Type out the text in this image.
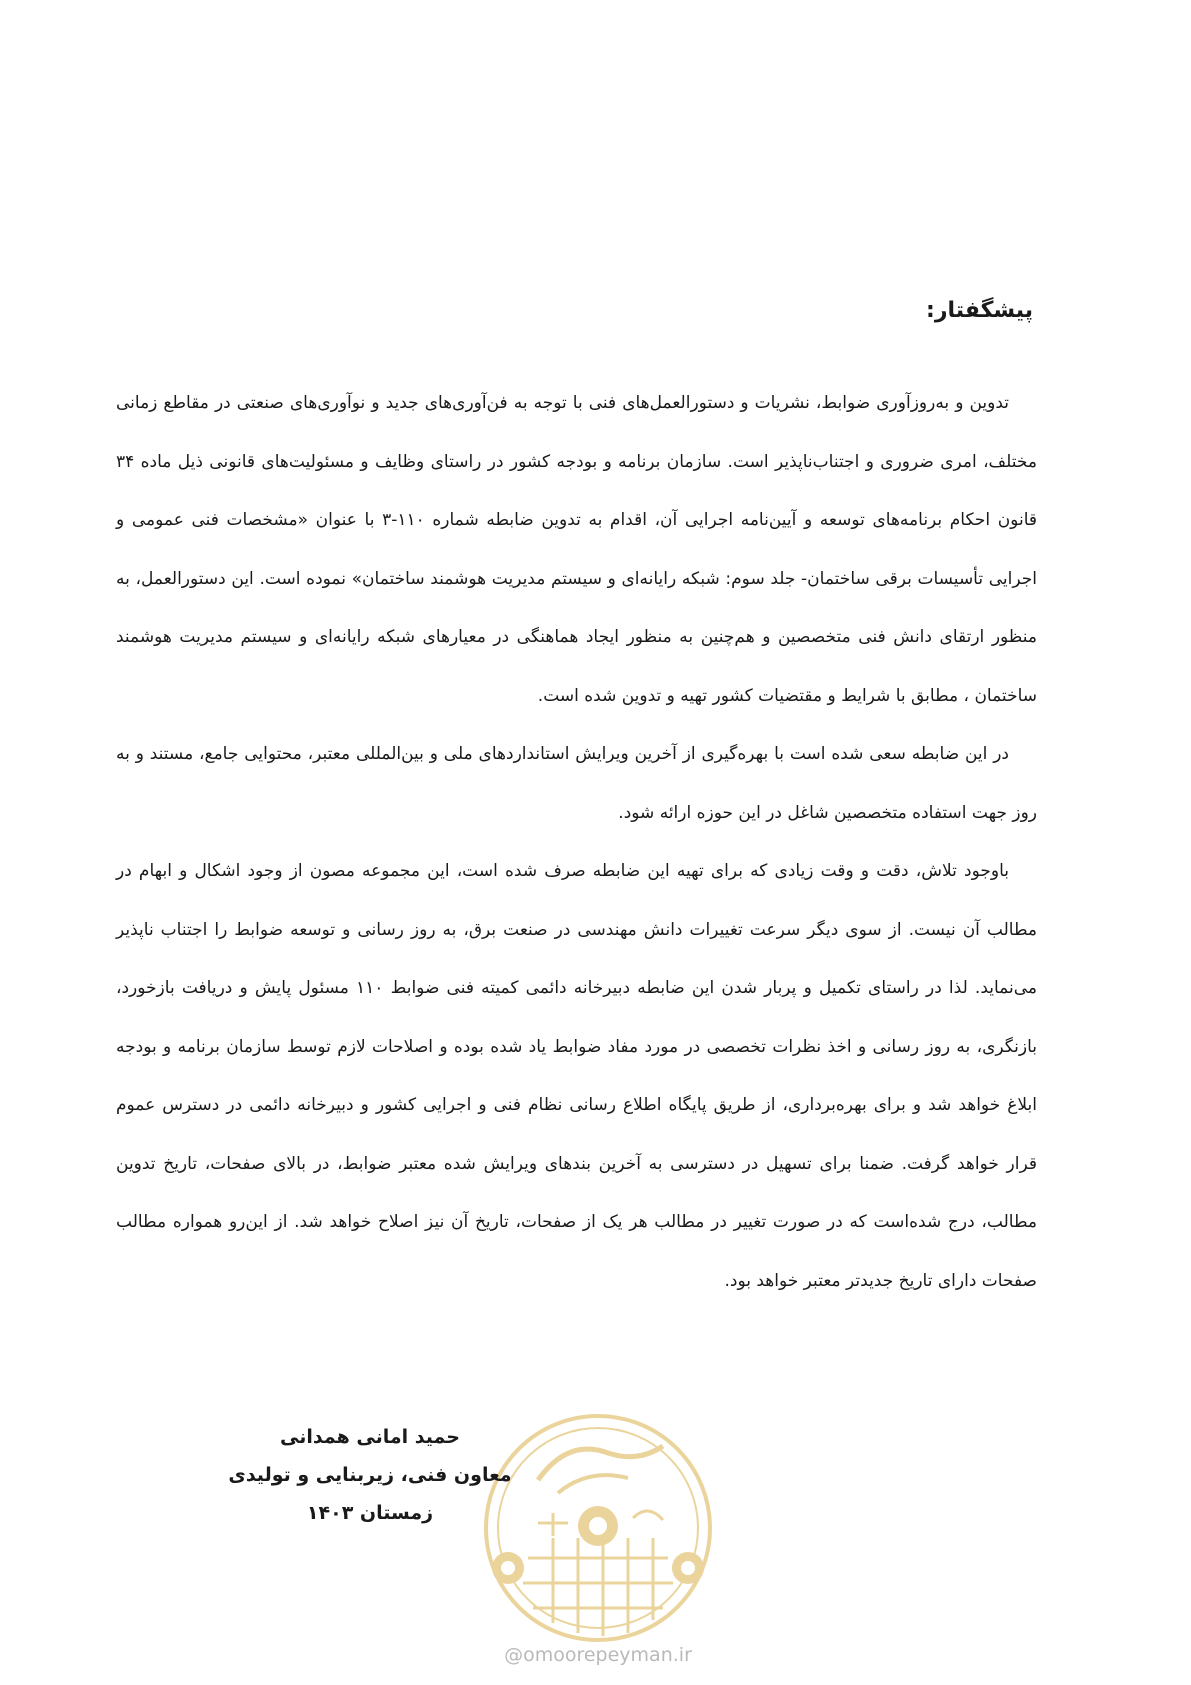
پیشگفتار:

تدوین و به‌روزآوری ضوابط، نشریات و دستورالعمل‌های فنی با توجه به فن‌آوری‌های جدید و نوآوری‌های صنعتی در مقاطع زمانی مختلف، امری ضروری و اجتناب‌ناپذیر است. سازمان برنامه و بودجه کشور در راستای وظایف و مسئولیت‌های قانونی ذیل ماده ۳۴ قانون احکام برنامه‌های توسعه و آیین‌نامه اجرایی آن، اقدام به تدوین ضابطه شماره ۱۱۰-۳ با عنوان «مشخصات فنی عمومی و اجرایی تأسیسات برقی ساختمان- جلد سوم: شبکه رایانه‌ای و سیستم مدیریت هوشمند ساختمان» نموده است. این دستورالعمل، به منظور ارتقای دانش فنی متخصصین و هم‌چنین به منظور ایجاد هماهنگی در معیارهای شبکه رایانه‌ای و سیستم مدیریت هوشمند ساختمان ، مطابق با شرایط و مقتضیات کشور تهیه و تدوین شده است.

در این ضابطه سعی شده است با بهره‌گیری از آخرین ویرایش استانداردهای ملی و بین‌المللی معتبر، محتوایی جامع، مستند و به روز جهت استفاده متخصصین شاغل در این حوزه ارائه شود.

باوجود تلاش، دقت و وقت زیادی که برای تهیه این ضابطه صرف شده است، این مجموعه مصون از وجود اشکال و ابهام در مطالب آن نیست. از سوی دیگر سرعت تغییرات دانش مهندسی در صنعت برق، به روز رسانی و توسعه ضوابط را اجتناب ناپذیر می‌نماید. لذا در راستای تکمیل و پربار شدن این ضابطه دبیرخانه دائمی کمیته فنی ضوابط ۱۱۰ مسئول پایش و دریافت بازخورد، بازنگری، به روز رسانی و اخذ نظرات تخصصی در مورد مفاد ضوابط یاد شده بوده و اصلاحات لازم توسط سازمان برنامه و بودجه ابلاغ خواهد شد و برای بهره‌برداری، از طریق پایگاه اطلاع رسانی نظام فنی و اجرایی کشور و دبیرخانه دائمی در دسترس عموم قرار خواهد گرفت. ضمنا برای تسهیل در دسترسی به آخرین بندهای ویرایش شده معتبر ضوابط، در بالای صفحات، تاریخ تدوین مطالب، درج شده‌است که در صورت تغییر در مطالب هر یک از صفحات، تاریخ آن نیز اصلاح خواهد شد. از این‌رو همواره مطالب صفحات دارای تاریخ جدیدتر معتبر خواهد بود.

حمید امانی همدانی
معاون فنی، زیربنایی و تولیدی
زمستان ۱۴۰۳
@omoorepeyman.ir
